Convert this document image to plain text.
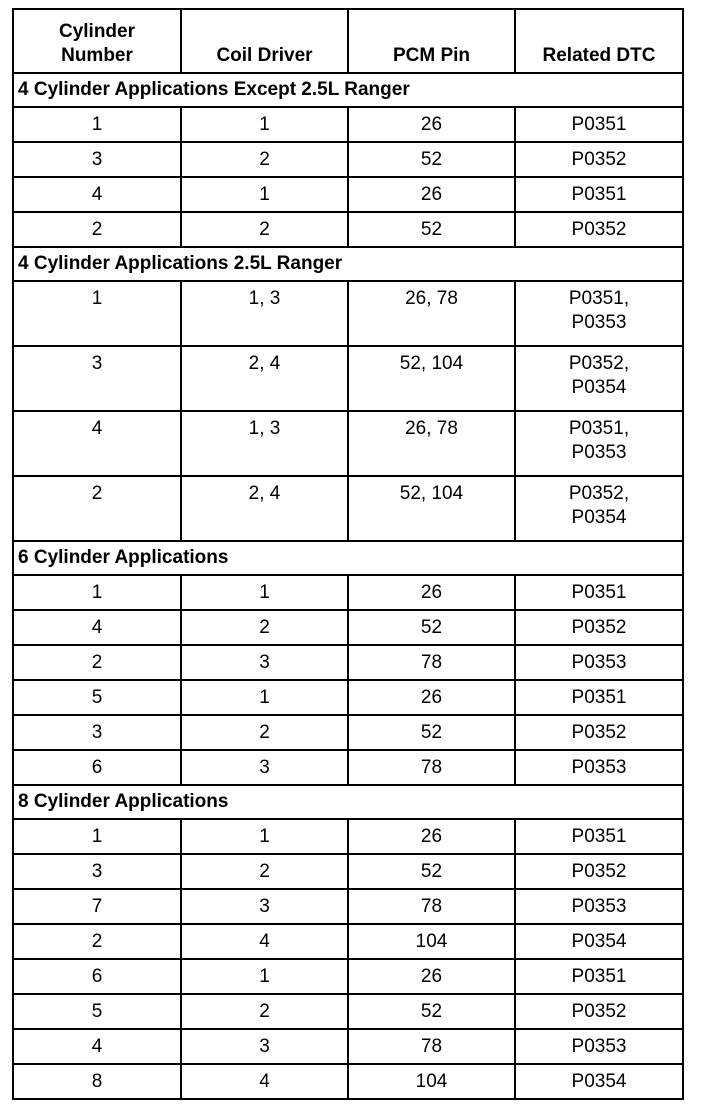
Cylinder
Number	Coil Driver	PCM Pin	Related DTC
4 Cylinder Applications Except 2.5L Ranger			
1	1	26	P0351

3	2	52	P0352

4	1	26	P0351

2	2	52	P0352

4 Cylinder Applications 2.5L Ranger			
1	1, 3	26, 78	P0351,
P0353

3	2, 4	52, 104	P0352,
P0354

4	1, 3	26, 78	P0351,
P0353

2	2, 4	52, 104	P0352,
P0354

6 Cylinder Applications			
1	1	26	P0351

4	2	52	P0352

2	3	78	P0353

5	1	26	P0351

3	2	52	P0352

6	3	78	P0353

8 Cylinder Applications			
1	1	26	P0351

3	2	52	P0352

7	3	78	P0353

2	4	104	P0354

6	1	26	P0351

5	2	52	P0352

4	3	78	P0353

8	4	104	P0354
